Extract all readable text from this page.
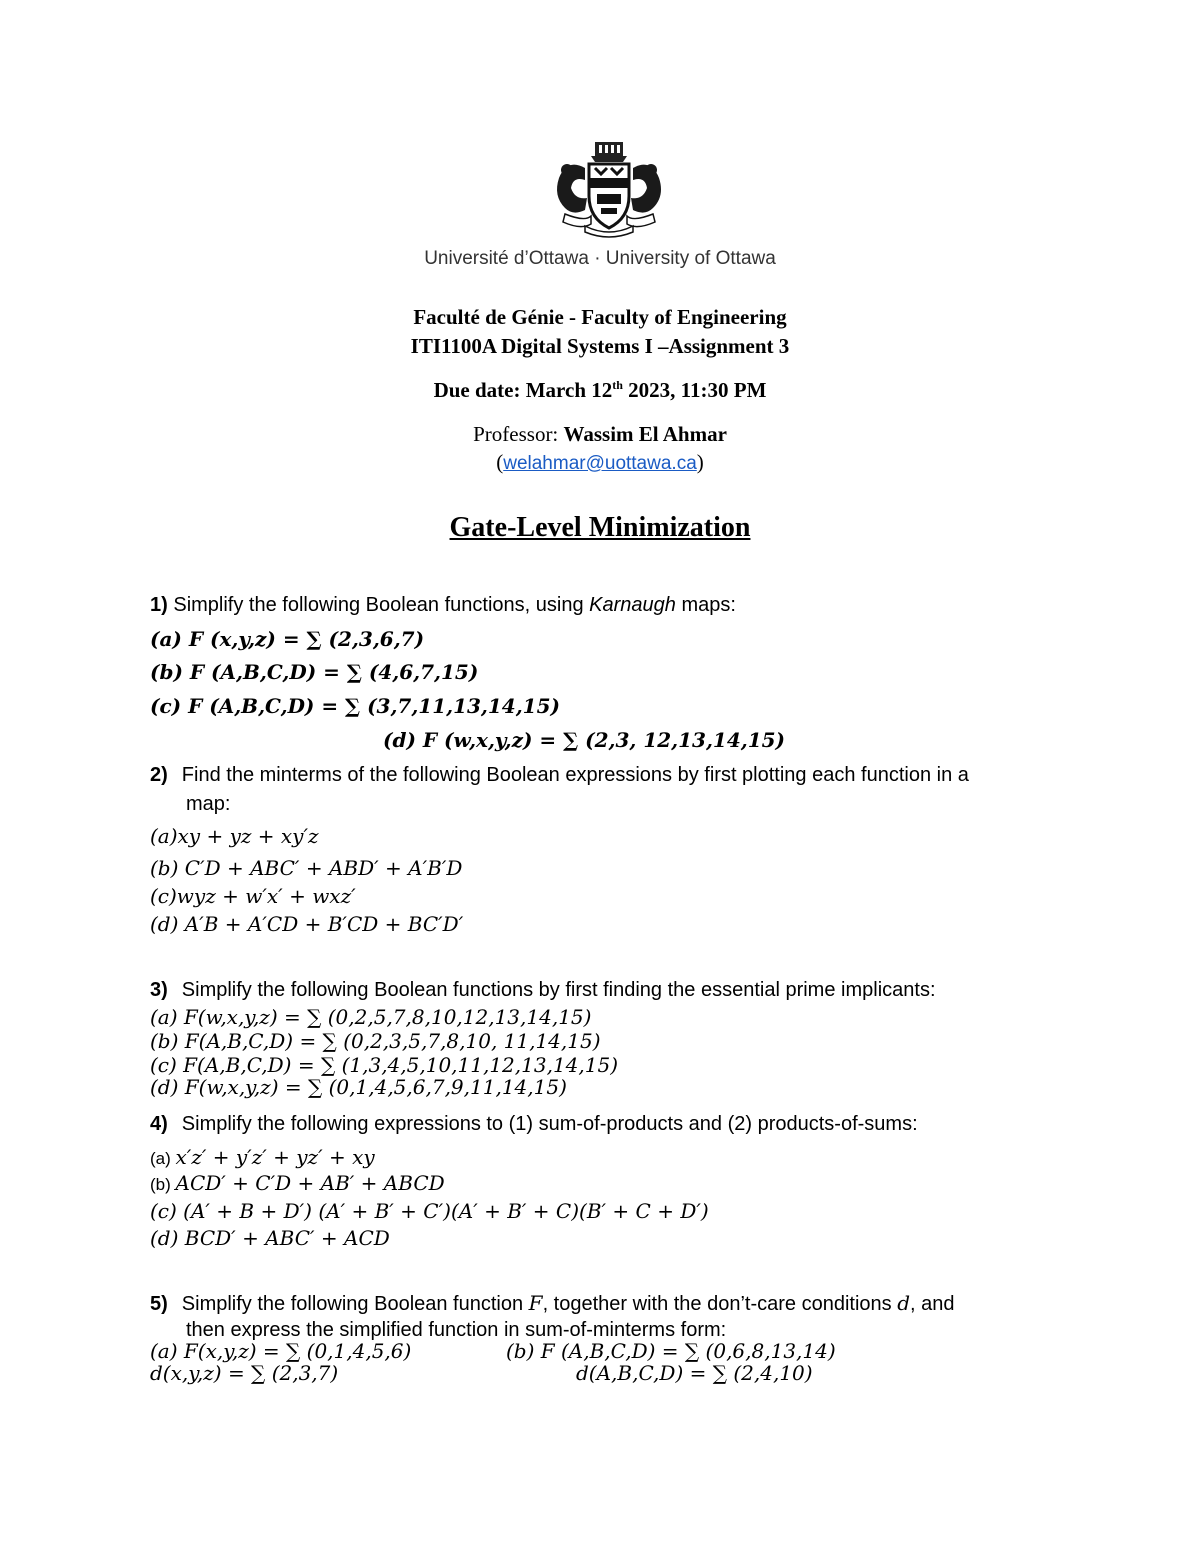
Université d’Ottawa · University of Ottawa
Faculté de Génie - Faculty of Engineering
ITI1100A Digital Systems I –Assignment 3
Due date: March 12th 2023, 11:30 PM
Professor: Wassim El Ahmar
(welahmar@uottawa.ca)
Gate-Level Minimization
1) Simplify the following Boolean functions, using Karnaugh maps:
(a) F (x,y,z) = ∑ (2,3,6,7)
(b) F (A,B,C,D) = ∑ (4,6,7,15)
(c) F (A,B,C,D) = ∑ (3,7,11,13,14,15)
(d) F (w,x,y,z) = ∑ (2,3, 12,13,14,15)
2) Find the minterms of the following Boolean expressions by first plotting each function in a
map:
(a)xy + yz + xy′z
(b) C′D + ABC′ + ABD′ + A′B′D
(c)wyz + w′x′ + wxz′
(d) A′B + A′CD + B′CD + BC′D′
3) Simplify the following Boolean functions by first finding the essential prime implicants:
(a) F(w,x,y,z) = ∑ (0,2,5,7,8,10,12,13,14,15)
(b) F(A,B,C,D) = ∑ (0,2,3,5,7,8,10, 11,14,15)
(c) F(A,B,C,D) = ∑ (1,3,4,5,10,11,12,13,14,15)
(d) F(w,x,y,z) = ∑ (0,1,4,5,6,7,9,11,14,15)
4) Simplify the following expressions to (1) sum-of-products and (2) products-of-sums:
(a) x′z′ + y′z′ + yz′ + xy
(b) ACD′ + C′D + AB′ + ABCD
(c) (A′ + B + D′) (A′ + B′ + C′)(A′ + B′ + C)(B′ + C + D′)
(d) BCD′ + ABC′ + ACD
5) Simplify the following Boolean function F, together with the don’t-care conditions d, and
then express the simplified function in sum-of-minterms form:
(a) F(x,y,z) = ∑ (0,1,4,5,6)
d(x,y,z) = ∑ (2,3,7)
(b) F (A,B,C,D) = ∑ (0,6,8,13,14)
d(A,B,C,D) = ∑ (2,4,10)
